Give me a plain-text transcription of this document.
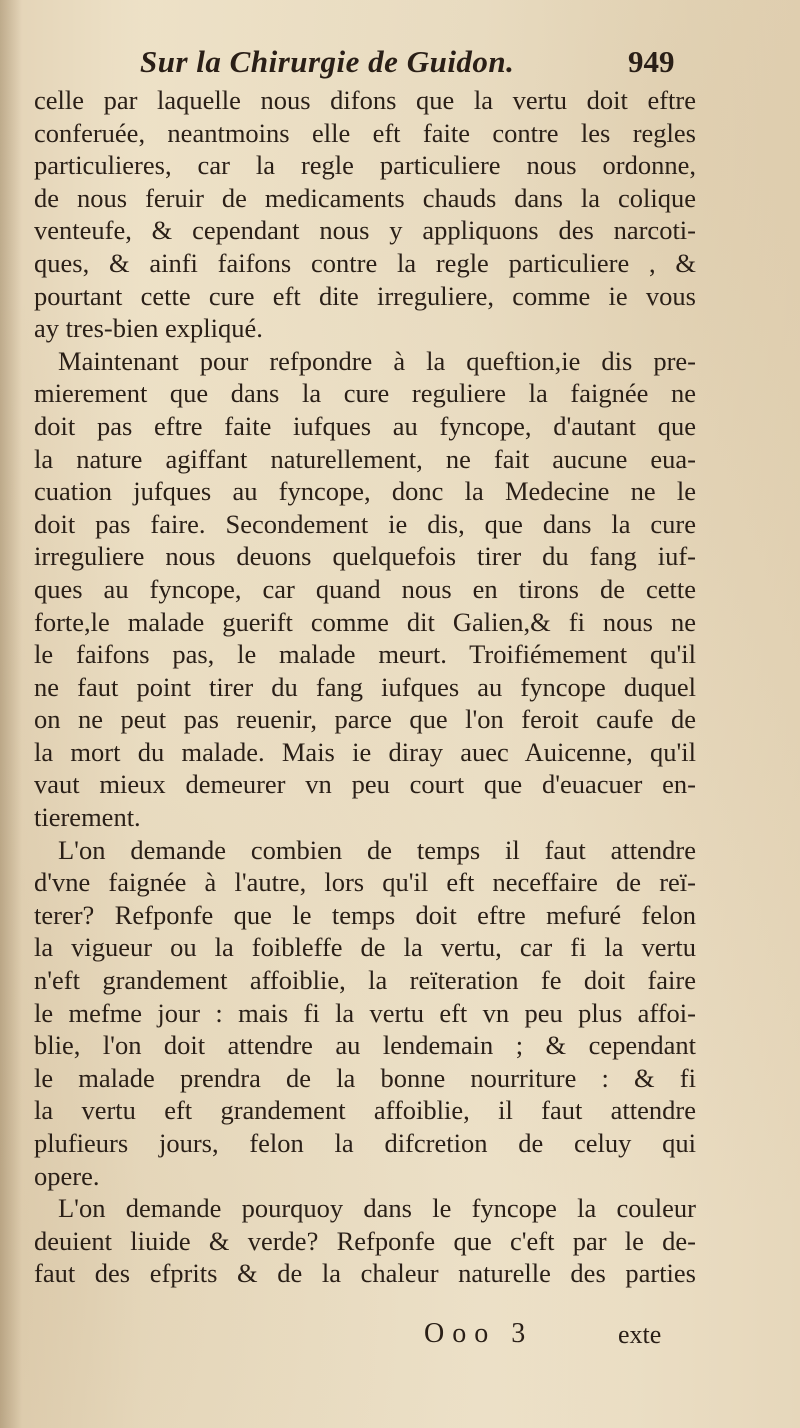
Sur la Chirurgie de Guidon.	949
celle par laquelle nous difons que la vertu doit eftre
conferuée, neantmoins elle eft faite contre les regles
particulieres, car la regle particuliere nous ordonne,
de nous feruir de medicaments chauds dans la colique
venteufe, & cependant nous y appliquons des narcoti-
ques, & ainfi faifons contre la regle particuliere , &
pourtant cette cure eft dite irreguliere, comme ie vous
ay tres-bien expliqué.
Maintenant pour refpondre à la queftion,ie dis pre-
mierement que dans la cure reguliere la faignée ne
doit pas eftre faite iufques au fyncope, d'autant que
la nature agiffant naturellement, ne fait aucune eua-
cuation jufques au fyncope, donc la Medecine ne le
doit pas faire. Secondement ie dis, que dans la cure
irreguliere nous deuons quelquefois tirer du fang iuf-
ques au fyncope, car quand nous en tirons de cette
forte,le malade guerift comme dit Galien,& fi nous ne
le faifons pas, le malade meurt. Troifiémement qu'il
ne faut point tirer du fang iufques au fyncope duquel
on ne peut pas reuenir, parce que l'on feroit caufe de
la mort du malade. Mais ie diray auec Auicenne, qu'il
vaut mieux demeurer vn peu court que d'euacuer en-
tierement.
L'on demande combien de temps il faut attendre
d'vne faignée à l'autre, lors qu'il eft neceffaire de reï-
terer? Refponfe que le temps doit eftre mefuré felon
la vigueur ou la foibleffe de la vertu, car fi la vertu
n'eft grandement affoiblie, la reïteration fe doit faire
le mefme jour : mais fi la vertu eft vn peu plus affoi-
blie, l'on doit attendre au lendemain ; & cependant
le malade prendra de la bonne nourriture : & fi
la vertu eft grandement affoiblie, il faut attendre
plufieurs jours, felon la difcretion de celuy qui
opere.
L'on demande pourquoy dans le fyncope la couleur
deuient liuide & verde? Refponfe que c'eft par le de-
faut des efprits & de la chaleur naturelle des parties
Ooo 3	exte
